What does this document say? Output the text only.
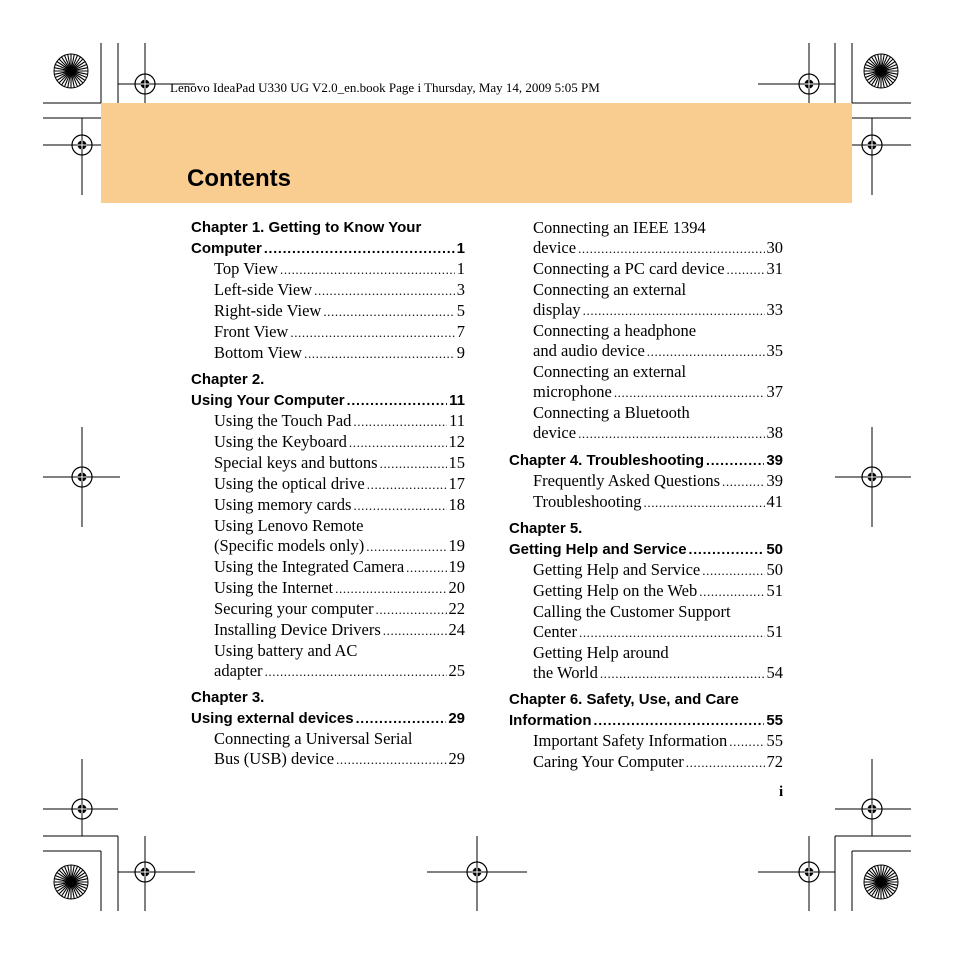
Lenovo IdeaPad U330 UG V2.0_en.book Page i Thursday, May 14, 2009 5:05 PM
Contents
Chapter 1. Getting to Know Your
Computer .....	1
Top View .....	1
Left-side View .....	3
Right-side View .....	5
Front View .....	7
Bottom View .....	9
Chapter 2.
Using Your Computer .....	11
Using the Touch Pad .....	11
Using the Keyboard .....	12
Special keys and buttons .....	15
Using the optical drive .....	17
Using memory cards .....	18
Using Lenovo Remote
(Specific models only) .....	19
Using the Integrated Camera .....	19
Using the Internet .....	20
Securing your computer .....	22
Installing Device Drivers .....	24
Using battery and AC
adapter .....	25
Chapter 3.
Using external devices .....	29
Connecting a Universal Serial
Bus (USB) device .....	29
Connecting an IEEE 1394
device .....	30
Connecting a PC card device .....	31
Connecting an external
display .....	33
Connecting a headphone
and audio device .....	35
Connecting an external
microphone .....	37
Connecting a Bluetooth
device .....	38
Chapter 4. Troubleshooting .....	39
Frequently Asked Questions .....	39
Troubleshooting .....	41
Chapter 5.
Getting Help and Service .....	50
Getting Help and Service .....	50
Getting Help on the Web .....	51
Calling the Customer Support
Center .....	51
Getting Help around
the World .....	54
Chapter 6. Safety, Use, and Care
Information .....	55
Important Safety Information ..... 55
Caring Your Computer .....	72
i
